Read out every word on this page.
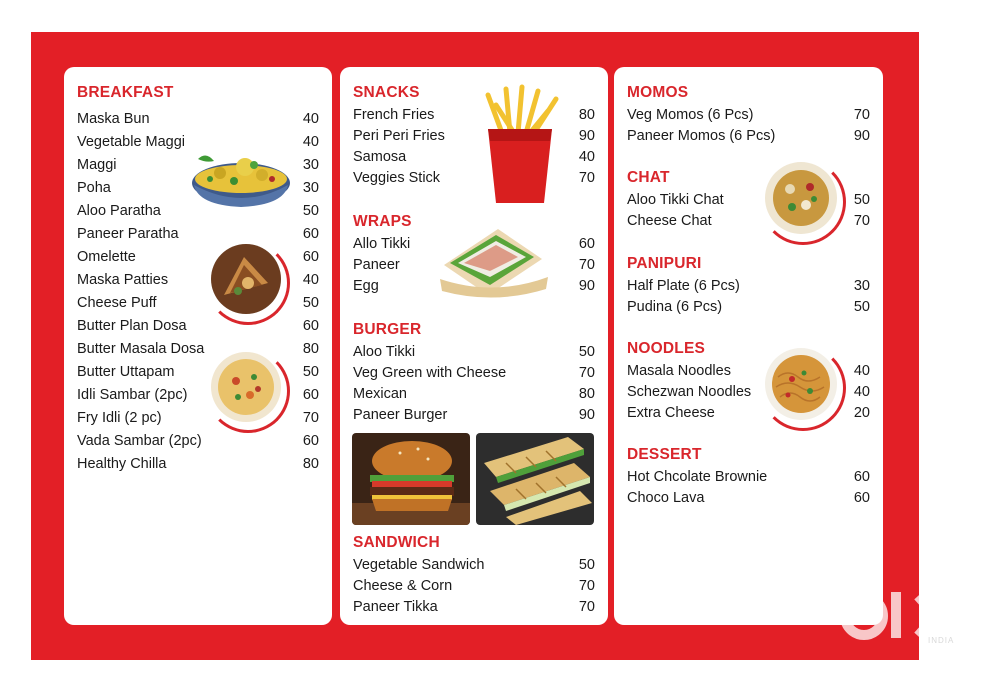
BREAKFAST
Maska Bun	40
Vegetable Maggi	40
Maggi	30
Poha	30
Aloo Paratha	50
Paneer Paratha	60
Omelette	60
Maska Patties	40
Cheese Puff	50
Butter Plan Dosa	60
Butter Masala Dosa	80
Butter Uttapam	50
Idli Sambar (2pc)	60
Fry Idli (2 pc)	70
Vada Sambar (2pc)	60
Healthy Chilla	80
SNACKS
WRAPS
BURGER
SANDWICH
French Fries	80
Peri Peri Fries	90
Samosa	40
Veggies Stick	70
Allo Tikki	60
Paneer	70
Egg	90
Aloo Tikki	50
Veg Green with Cheese	70
Mexican	80
Paneer Burger	90
Vegetable Sandwich	50
Cheese & Corn	70
Paneer Tikka	70
MOMOS
CHAT
PANIPURI
NOODLES
DESSERT
Veg Momos (6 Pcs)	70
Paneer Momos (6 Pcs)	90
Aloo Tikki Chat	50
Cheese Chat	70
Half Plate (6 Pcs)	30
Pudina (6 Pcs)	50
Masala Noodles	40
Schezwan Noodles	40
Extra Cheese	20
Hot Chcolate Brownie	60
Choco Lava	60
INDIA
